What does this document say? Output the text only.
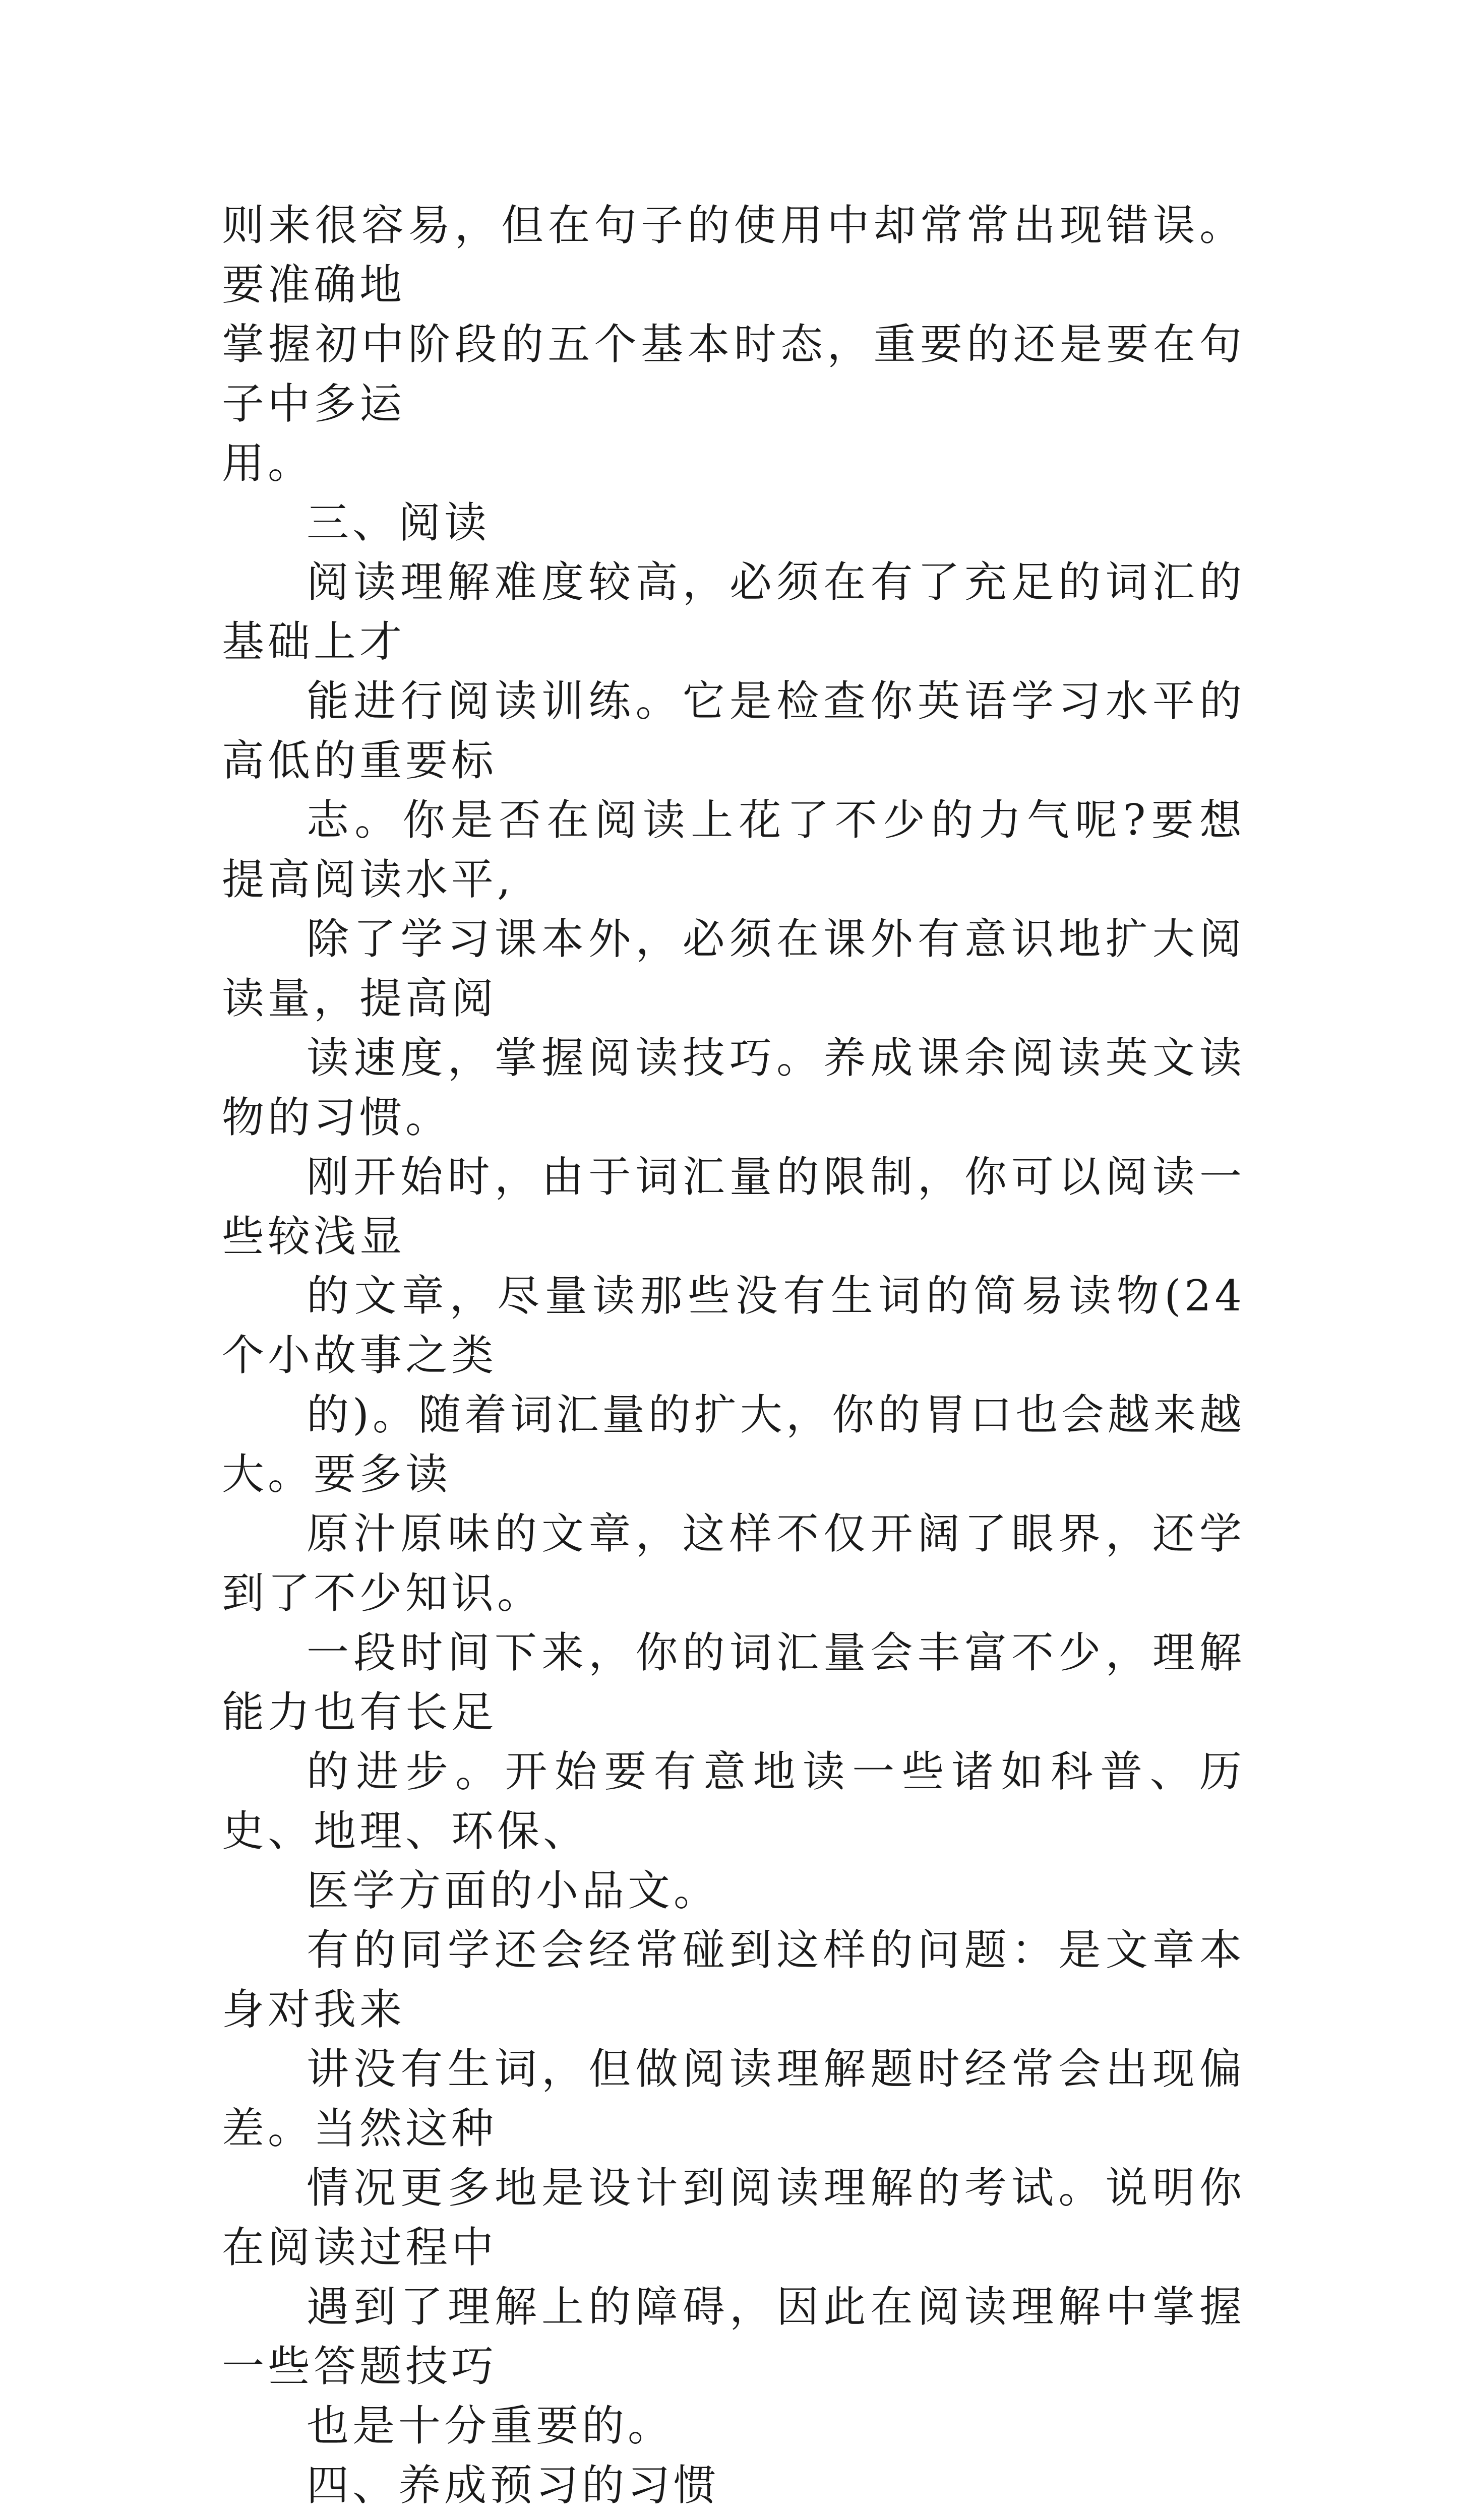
则来很容易，但在句子的使用中却常常出现错误。要准确地
掌握初中阶段的五个基本时态，重要的还是要在句子中多运
用。

三、阅读

阅读理解难度较高，必须在有了充足的词汇的基础上才
能进行阅读训练。它是检查你英语学习水平的高低的重要标
志。你是否在阅读上花了不少的力气呢?要想提高阅读水平,
除了学习课本外，必须在课外有意识地扩大阅读量，提高阅
读速度，掌握阅读技巧。养成课余阅读英文读物的习惯。

刚开始时，由于词汇量的限制，你可以阅读一些较浅显
的文章，尽量读那些没有生词的简易读物(24 个小故事之类
的)。随着词汇量的扩大，你的胃口也会越来越大。要多读
原汁原味的文章，这样不仅开阔了眼界，还学到了不少知识。
一段时间下来，你的词汇量会丰富不少，理解能力也有长足
的进步。开始要有意地读一些诸如科普、历史、地理、环保、
医学方面的小品文。

有的同学还会经常碰到这样的问题：是文章本身对我来
讲没有生词，但做阅读理解题时经常会出现偏差。当然这种
情况更多地是设计到阅读理解的考试。说明你在阅读过程中
遇到了理解上的障碍，因此在阅读理解中掌握一些答题技巧
也是十分重要的。

四、养成预习的习惯
